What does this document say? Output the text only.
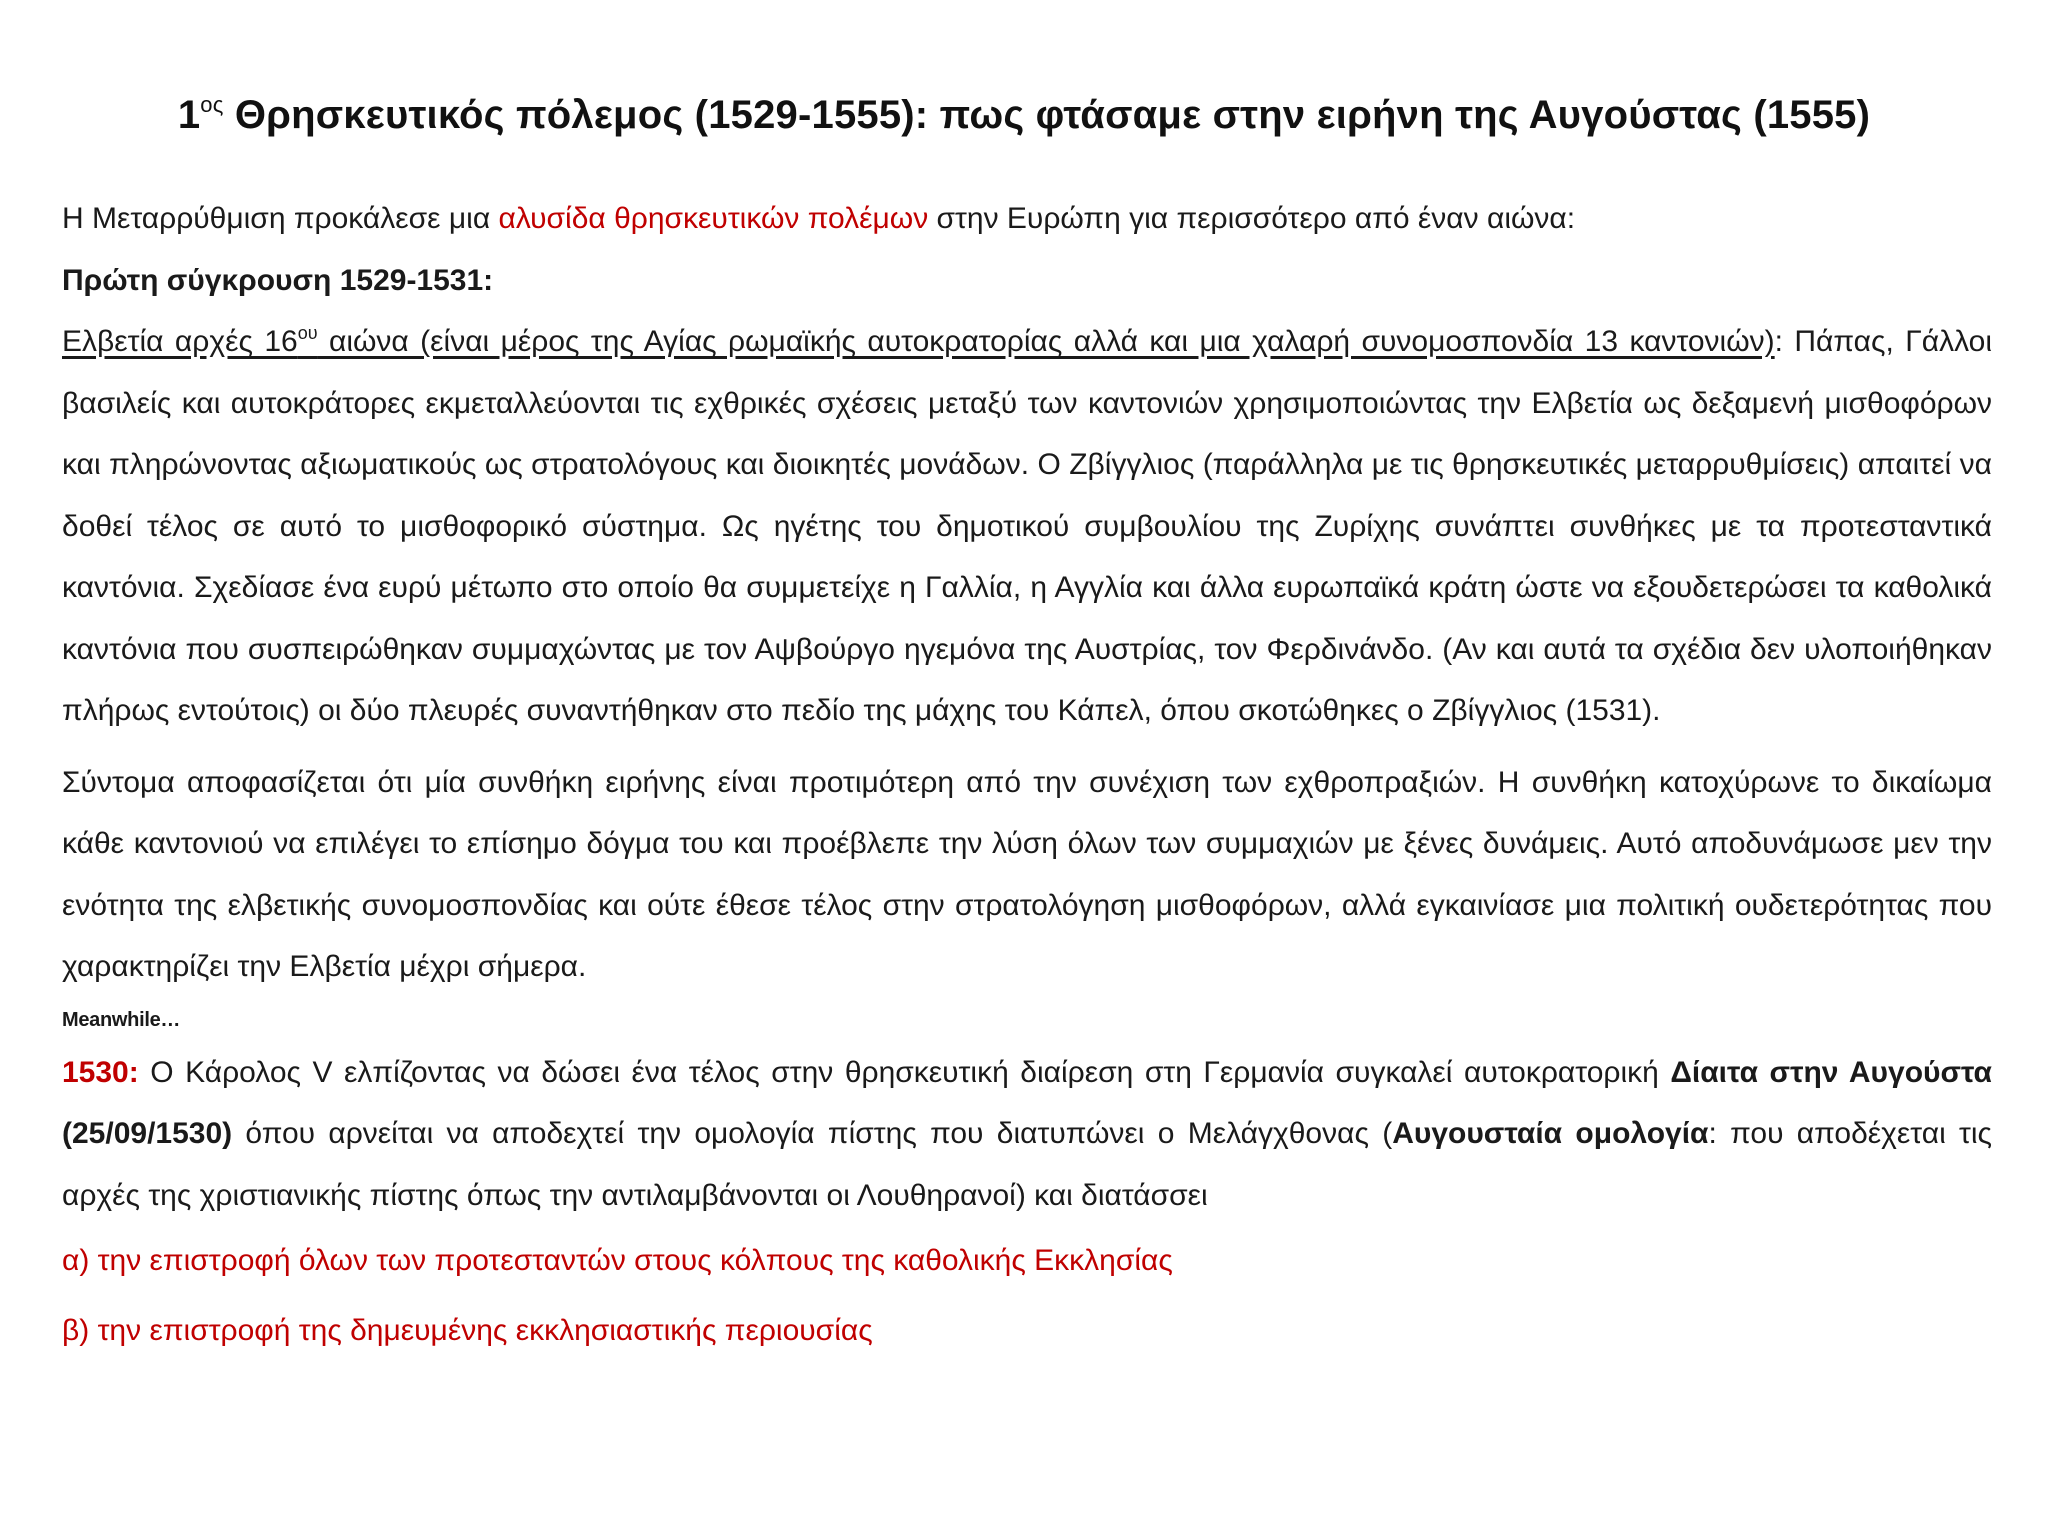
$1^{o\varsigma}$ Θρησκευτικός πόλεμος (1529-1555): πως φτάσαμε στην ειρήνη της Αυγούστας (1555)

Η Μεταρρύθμιση προκάλεσε μια αλυσίδα θρησκευτικών πολέμων στην Ευρώπη για περισσότερο από έναν αιώνα:

Πρώτη σύγκρουση 1529-1531:

Ελβετία αρχές $16^{o\upsilon}$ αιώνα (είναι μέρος της Αγίας ρωμαϊκής αυτοκρατορίας αλλά και μια χαλαρή συνομοσπονδία 13 καντονιών): Πάπας, Γάλλοι βασιλείς και αυτοκράτορες εκμεταλλεύονται τις εχθρικές σχέσεις μεταξύ των καντονιών χρησιμοποιώντας την Ελβετία ως δεξαμενή μισθοφόρων και πληρώνοντας αξιωματικούς ως στρατολόγους και διοικητές μονάδων. Ο Ζβίγγλιος (παράλληλα με τις θρησκευτικές μεταρρυθμίσεις) απαιτεί να δοθεί τέλος σε αυτό το μισθοφορικό σύστημα. Ως ηγέτης του δημοτικού συμβουλίου της Ζυρίχης συνάπτει συνθήκες με τα προτεσταντικά καντόνια. Σχεδίασε ένα ευρύ μέτωπο στο οποίο θα συμμετείχε η Γαλλία, η Αγγλία και άλλα ευρωπαϊκά κράτη ώστε να εξουδετερώσει τα καθολικά καντόνια που συσπειρώθηκαν συμμαχώντας με τον Αψβούργο ηγεμόνα της Αυστρίας, τον Φερδινάνδο. (Αν και αυτά τα σχέδια δεν υλοποιήθηκαν πλήρως εντούτοις) οι δύο πλευρές συναντήθηκαν στο πεδίο της μάχης του Κάπελ, όπου σκοτώθηκες ο Ζβίγγλιος (1531).

Σύντομα αποφασίζεται ότι μία συνθήκη ειρήνης είναι προτιμότερη από την συνέχιση των εχθροπραξιών. Η συνθήκη κατοχύρωνε το δικαίωμα κάθε καντονιού να επιλέγει το επίσημο δόγμα του και προέβλεπε την λύση όλων των συμμαχιών με ξένες δυνάμεις. Αυτό αποδυνάμωσε μεν την ενότητα της ελβετικής συνομοσπονδίας και ούτε έθεσε τέλος στην στρατολόγηση μισθοφόρων, αλλά εγκαινίασε μια πολιτική ουδετερότητας που χαρακτηρίζει την Ελβετία μέχρι σήμερα.

Meanwhile…

1530: Ο Κάρολος V ελπίζοντας να δώσει ένα τέλος στην θρησκευτική διαίρεση στη Γερμανία συγκαλεί αυτοκρατορική Δίαιτα στην Αυγούστα (25/09/1530) όπου αρνείται να αποδεχτεί την ομολογία πίστης που διατυπώνει ο Μελάγχθονας (Αυγουσταία ομολογία: που αποδέχεται τις αρχές της χριστιανικής πίστης όπως την αντιλαμβάνονται οι Λουθηρανοί) και διατάσσει

α) την επιστροφή όλων των προτεσταντών στους κόλπους της καθολικής Εκκλησίας

β) την επιστροφή της δημευμένης εκκλησιαστικής περιουσίας
